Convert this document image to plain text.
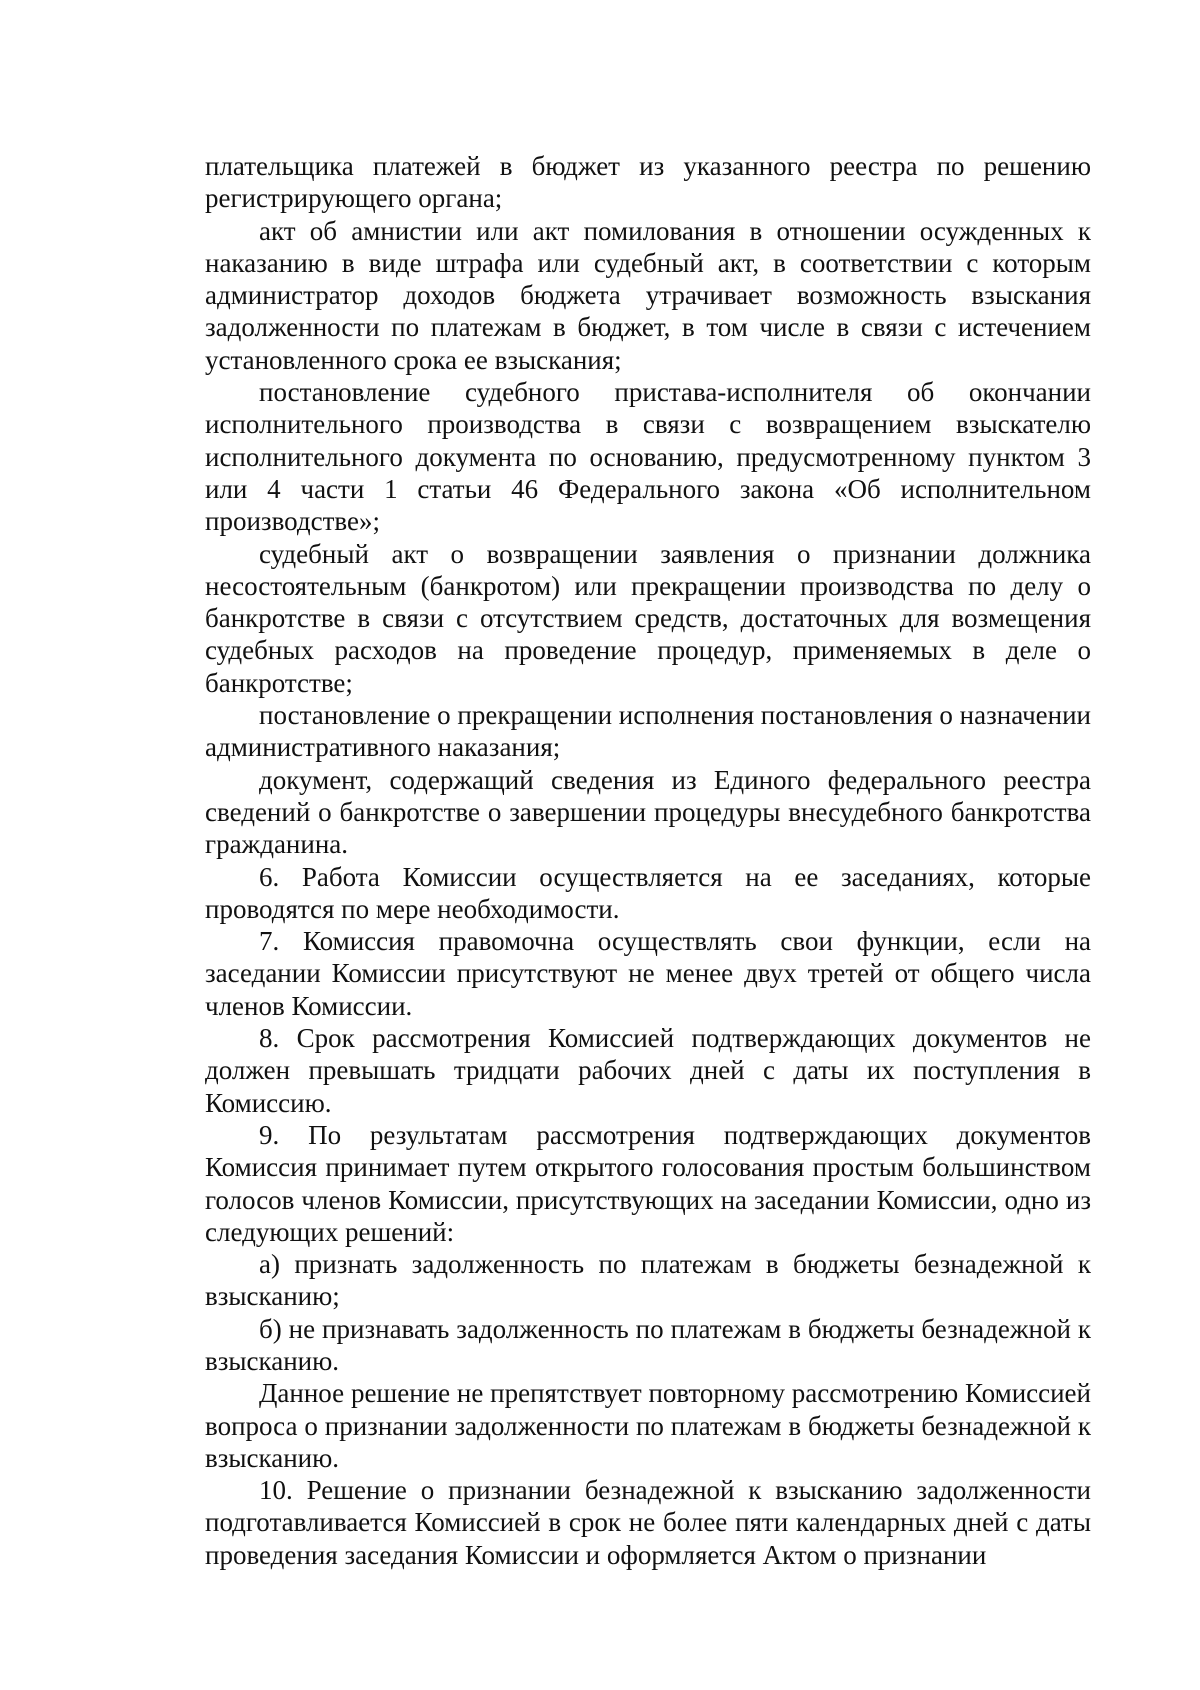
плательщика платежей в бюджет из указанного реестра по решению регистрирующего органа;

акт об амнистии или акт помилования в отношении осужденных к наказанию в виде штрафа или судебный акт, в соответствии с которым администратор доходов бюджета утрачивает возможность взыскания задолженности по платежам в бюджет, в том числе в связи с истечением установленного срока ее взыскания;

постановление судебного пристава-исполнителя об окончании исполнительного производства в связи с возвращением взыскателю исполнительного документа по основанию, предусмотренному пунктом 3 или 4 части 1 статьи 46 Федерального закона «Об исполнительном производстве»;

судебный акт о возвращении заявления о признании должника несостоятельным (банкротом) или прекращении производства по делу о банкротстве в связи с отсутствием средств, достаточных для возмещения судебных расходов на проведение процедур, применяемых в деле о банкротстве;

постановление о прекращении исполнения постановления о назначении административного наказания;

документ, содержащий сведения из Единого федерального реестра сведений о банкротстве о завершении процедуры внесудебного банкротства гражданина.

6. Работа Комиссии осуществляется на ее заседаниях, которые проводятся по мере необходимости.

7. Комиссия правомочна осуществлять свои функции, если на заседании Комиссии присутствуют не менее двух третей от общего числа членов Комиссии.

8. Срок рассмотрения Комиссией подтверждающих документов не должен превышать тридцати рабочих дней с даты их поступления в Комиссию.

9. По результатам рассмотрения подтверждающих документов Комиссия принимает путем открытого голосования простым большинством голосов членов Комиссии, присутствующих на заседании Комиссии, одно из следующих решений:

а) признать задолженность по платежам в бюджеты безнадежной к взысканию;

б) не признавать задолженность по платежам в бюджеты безнадежной к взысканию.

Данное решение не препятствует повторному рассмотрению Комиссией вопроса о признании задолженности по платежам в бюджеты безнадежной к взысканию.

10. Решение о признании безнадежной к взысканию задолженности подготавливается Комиссией в срок не более пяти календарных дней с даты проведения заседания Комиссии и оформляется Актом о признании
